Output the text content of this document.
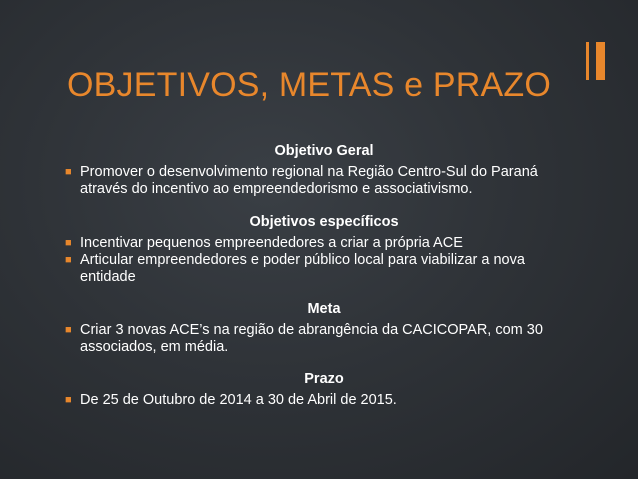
OBJETIVOS, METAS e PRAZO

Objetivo Geral

■ Promover o desenvolvimento regional na Região Centro-Sul do Paraná através do incentivo ao empreendedorismo e associativismo.

Objetivos específicos

■ Incentivar pequenos empreendedores a criar a própria ACE
■ Articular empreendedores e poder público local para viabilizar a nova entidade

Meta

■ Criar 3 novas ACE’s na região de abrangência da CACICOPAR, com 30 associados, em média.

Prazo

■ De 25 de Outubro de 2014 a 30 de Abril de 2015.
